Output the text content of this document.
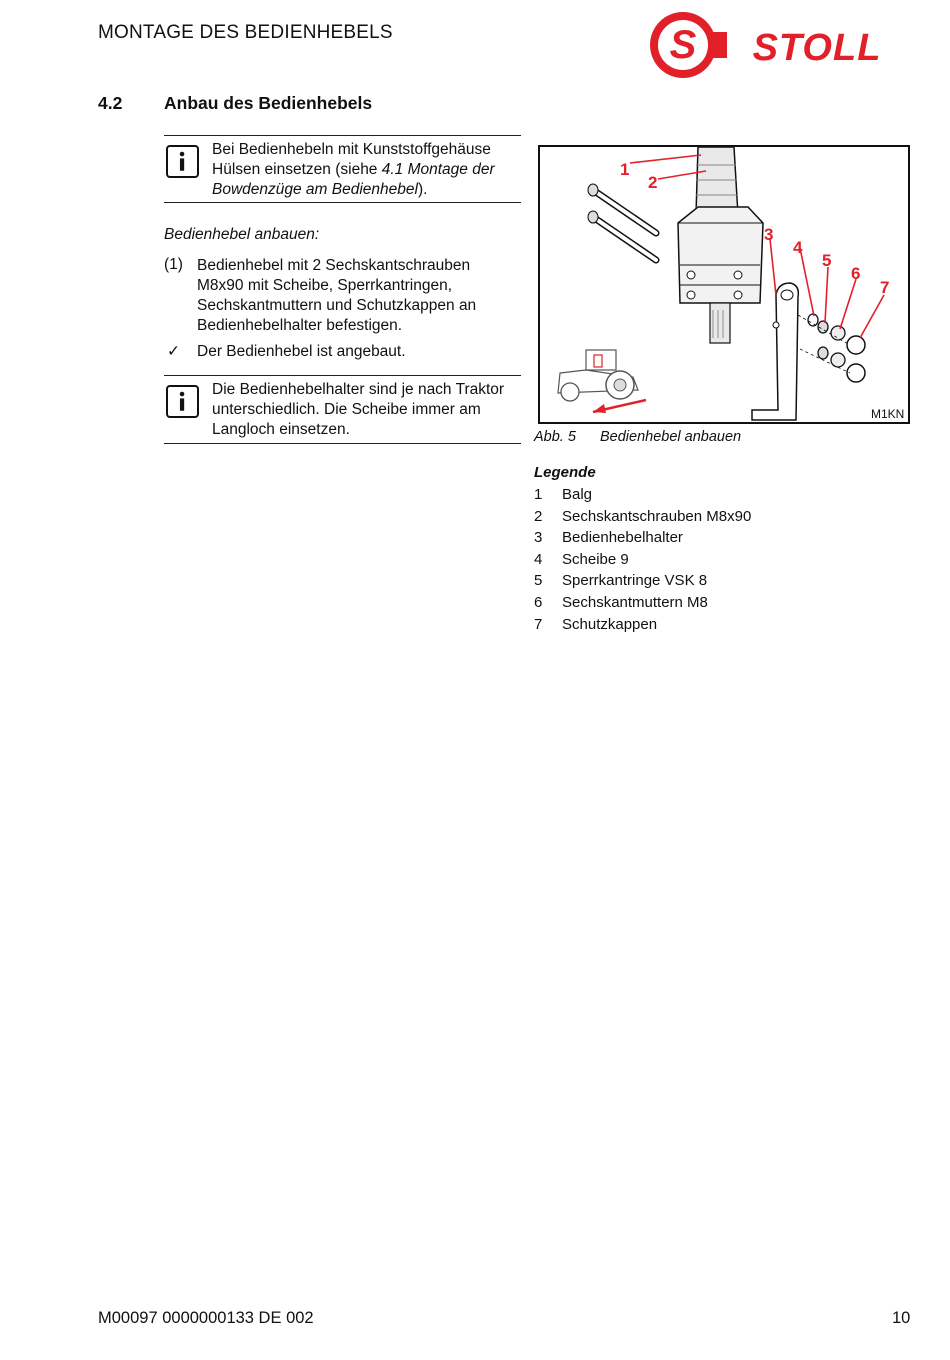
MONTAGE DES BEDIENHEBELS	S STOLL
4.2 Anbau des Bedienhebels
Bei Bedienhebeln mit Kunststoffgehäuse Hülsen einsetzen (siehe 4.1 Montage der Bowdenzüge am Bedienhebel).
Bedienhebel anbauen:
(1) Bedienhebel mit 2 Sechskantschrauben M8x90 mit Scheibe, Sperrkantringen, Sechskantmuttern und Schutzkappen an Bedienhebelhalter befestigen.
✓ Der Bedienhebel ist angebaut.
Die Bedienhebelhalter sind je nach Traktor unterschiedlich. Die Scheibe immer am Langloch einsetzen.
1
2
3
4
5
6
7
M1KN
Abb. 5 Bedienhebel anbauen
Legende
1	Balg
2	Sechskantschrauben M8x90
3	Bedienhebelhalter
4	Scheibe 9
5	Sperrkantringe VSK 8
6	Sechskantmuttern M8
7	Schutzkappen
M00097 0000000133 DE 002	10
